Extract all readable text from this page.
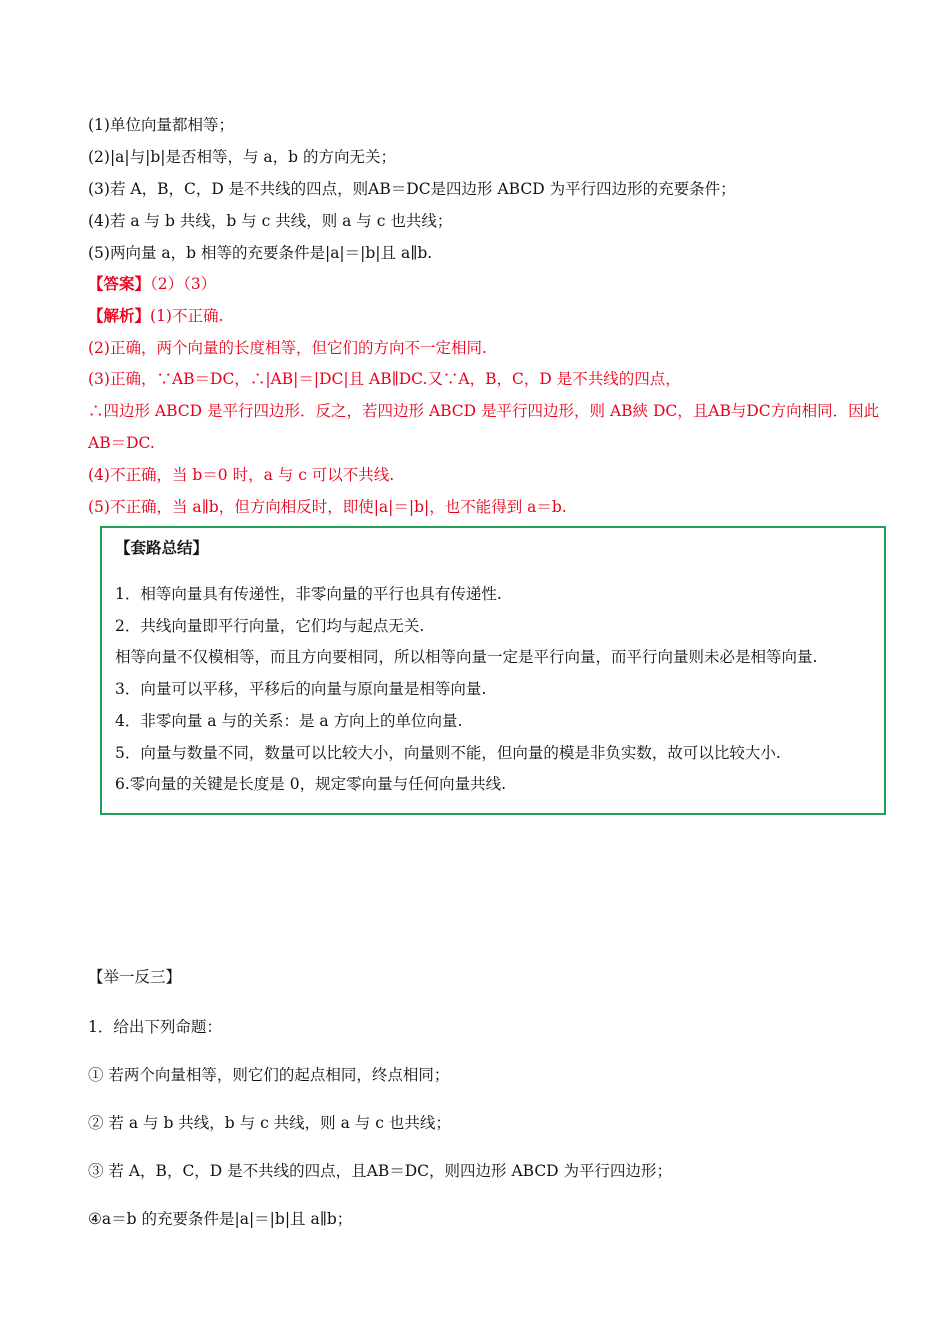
(1)单位向量都相等；
(2)|a|与|b|是否相等，与 a，b 的方向无关；
(3)若 A，B，C，D 是不共线的四点，则AB＝DC是四边形 ABCD 为平行四边形的充要条件；
(4)若 a 与 b 共线，b 与 c 共线，则 a 与 c 也共线；
(5)两向量 a，b 相等的充要条件是|a|＝|b|且 a∥b.
【答案】（2）（3）
【解析】(1)不正确.
(2)正确，两个向量的长度相等，但它们的方向不一定相同.
(3)正确，∵AB＝DC，∴|AB|＝|DC|且 AB∥DC.又∵A，B，C，D 是不共线的四点，
∴四边形 ABCD 是平行四边形．反之，若四边形 ABCD 是平行四边形，则 AB綊 DC，且AB与DC方向相同．因此
AB＝DC.
(4)不正确，当 b＝0 时，a 与 c 可以不共线.
(5)不正确，当 a∥b，但方向相反时，即使|a|＝|b|，也不能得到 a＝b.
【套路总结】
1．相等向量具有传递性，非零向量的平行也具有传递性.
2．共线向量即平行向量，它们均与起点无关.
相等向量不仅模相等，而且方向要相同，所以相等向量一定是平行向量，而平行向量则未必是相等向量.
3．向量可以平移，平移后的向量与原向量是相等向量.
4．非零向量 a 与的关系：是 a 方向上的单位向量.
5．向量与数量不同，数量可以比较大小，向量则不能，但向量的模是非负实数，故可以比较大小.
6.零向量的关键是长度是 0，规定零向量与任何向量共线.
【举一反三】
1．给出下列命题：
① 若两个向量相等，则它们的起点相同，终点相同；
② 若 a 与 b 共线，b 与 c 共线，则 a 与 c 也共线；
③ 若 A，B，C，D 是不共线的四点，且AB＝DC，则四边形 ABCD 为平行四边形；
④a＝b 的充要条件是|a|＝|b|且 a∥b；
